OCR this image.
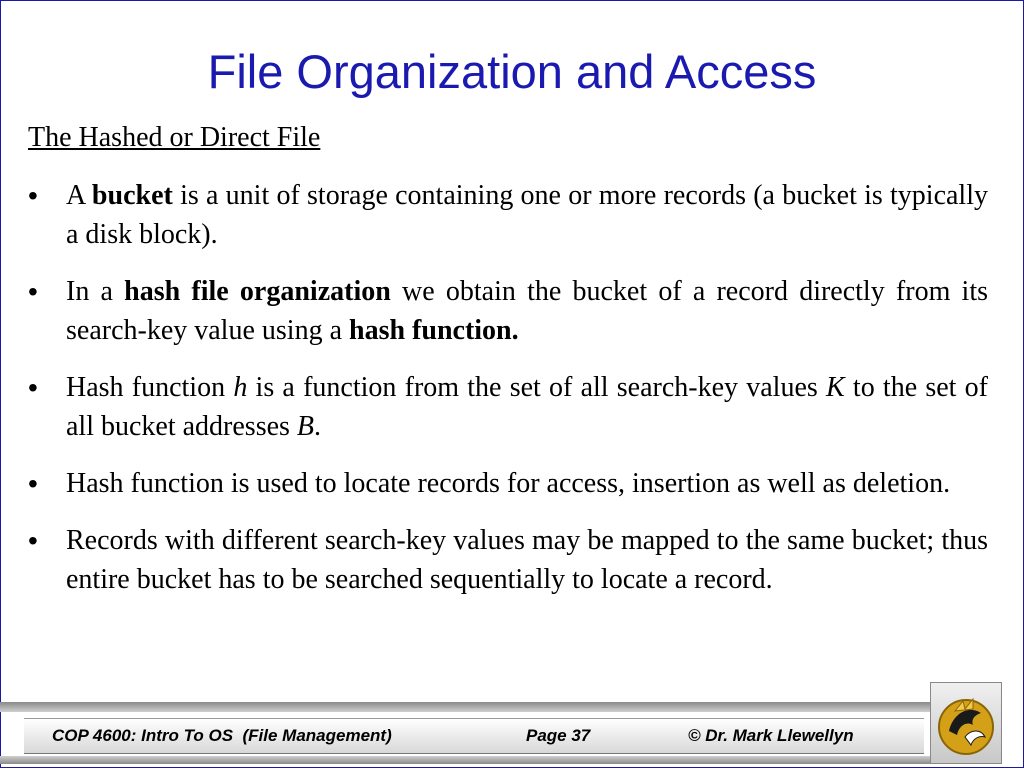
File Organization and Access
The Hashed or Direct File
• A bucket is a unit of storage containing one or more records (a bucket is typically a disk block).
• In a hash file organization we obtain the bucket of a record directly from its search-key value using a hash function.
• Hash function h is a function from the set of all search-key values K to the set of all bucket addresses B.
• Hash function is used to locate records for access, insertion as well as deletion.
• Records with different search-key values may be mapped to the same bucket; thus entire bucket has to be searched sequentially to locate a record.
COP 4600: Intro To OS  (File Management)	Page 37	© Dr. Mark Llewellyn
